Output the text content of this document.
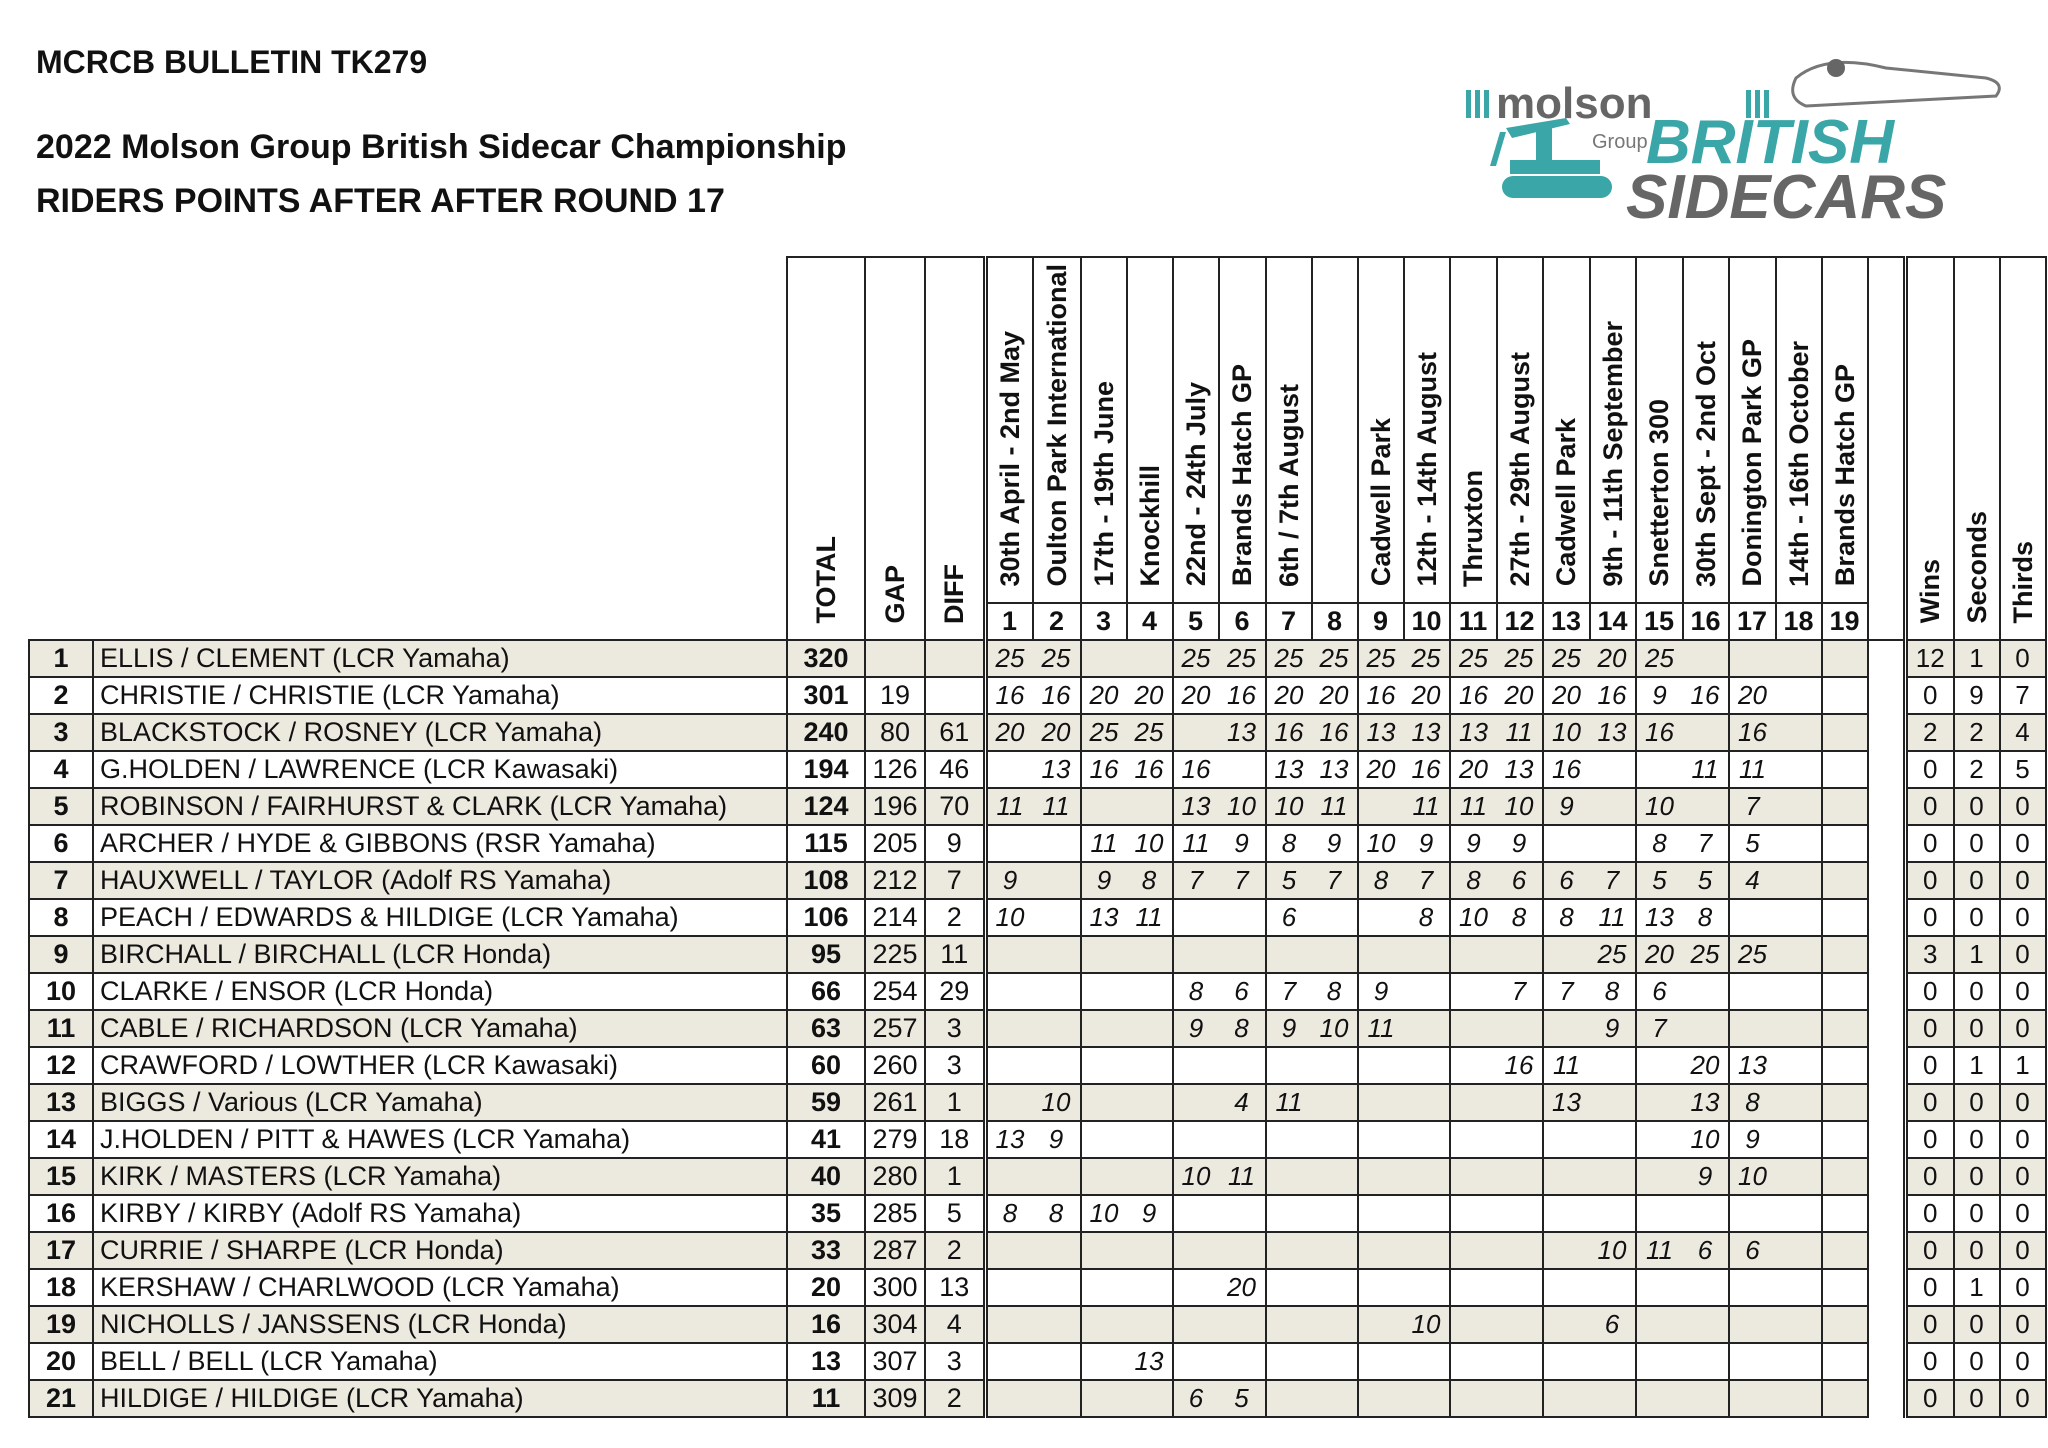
MCRCB BULLETIN TK279
2022 Molson Group British Sidecar Championship
RIDERS POINTS AFTER AFTER ROUND 17
molson
Group
BRITISH
SIDECARS
		TOTAL	GAP	DIFF	30th April - 2nd May	Oulton Park International	17th - 19th June	Knockhill	22nd - 24th July	Brands Hatch GP	6th / 7th August		Cadwell Park	12th - 14th August	Thruxton	27th - 29th August	Cadwell Park	9th - 11th September	Snetterton 300	30th Sept - 2nd Oct	Donington Park GP	14th - 16th October	Brands Hatch GP		Wins	Seconds	Thirds
					1	2	3	4	5	6	7	8	9	10	11	12	13	14	15	16	17	18	19				
1	ELLIS / CLEMENT (LCR Yamaha)	320			25	25			25	25	25	25	25	25	25	25	25	20	25						12	1	0
2	CHRISTIE / CHRISTIE (LCR Yamaha)	301	19		16	16	20	20	20	16	20	20	16	20	16	20	20	16	9	16	20				0	9	7
3	BLACKSTOCK / ROSNEY (LCR Yamaha)	240	80	61	20	20	25	25		13	16	16	13	13	13	11	10	13	16		16				2	2	4
4	G.HOLDEN / LAWRENCE (LCR Kawasaki)	194	126	46		13	16	16	16		13	13	20	16	20	13	16			11	11				0	2	5
5	ROBINSON / FAIRHURST & CLARK (LCR Yamaha)	124	196	70	11	11			13	10	10	11		11	11	10	9		10		7				0	0	0
6	ARCHER / HYDE & GIBBONS (RSR Yamaha)	115	205	9			11	10	11	9	8	9	10	9	9	9			8	7	5				0	0	0
7	HAUXWELL / TAYLOR (Adolf RS Yamaha)	108	212	7	9		9	8	7	7	5	7	8	7	8	6	6	7	5	5	4				0	0	0
8	PEACH / EDWARDS & HILDIGE (LCR Yamaha)	106	214	2	10		13	11			6			8	10	8	8	11	13	8					0	0	0
9	BIRCHALL / BIRCHALL (LCR Honda)	95	225	11														25	20	25	25				3	1	0
10	CLARKE / ENSOR (LCR Honda)	66	254	29					8	6	7	8	9			7	7	8	6						0	0	0
11	CABLE / RICHARDSON (LCR Yamaha)	63	257	3					9	8	9	10	11					9	7						0	0	0
12	CRAWFORD / LOWTHER (LCR Kawasaki)	60	260	3												16	11			20	13				0	1	1
13	BIGGS / Various (LCR Yamaha)	59	261	1		10				4	11						13			13	8				0	0	0
14	J.HOLDEN / PITT & HAWES (LCR Yamaha)	41	279	18	13	9														10	9				0	0	0
15	KIRK / MASTERS (LCR Yamaha)	40	280	1					10	11										9	10				0	0	0
16	KIRBY / KIRBY (Adolf RS Yamaha)	35	285	5	8	8	10	9																	0	0	0
17	CURRIE / SHARPE (LCR Honda)	33	287	2														10	11	6	6				0	0	0
18	KERSHAW / CHARLWOOD (LCR Yamaha)	20	300	13						20															0	1	0
19	NICHOLLS / JANSSENS (LCR Honda)	16	304	4										10				6							0	0	0
20	BELL / BELL (LCR Yamaha)	13	307	3				13																	0	0	0
21	HILDIGE / HILDIGE (LCR Yamaha)	11	309	2					6	5															0	0	0
